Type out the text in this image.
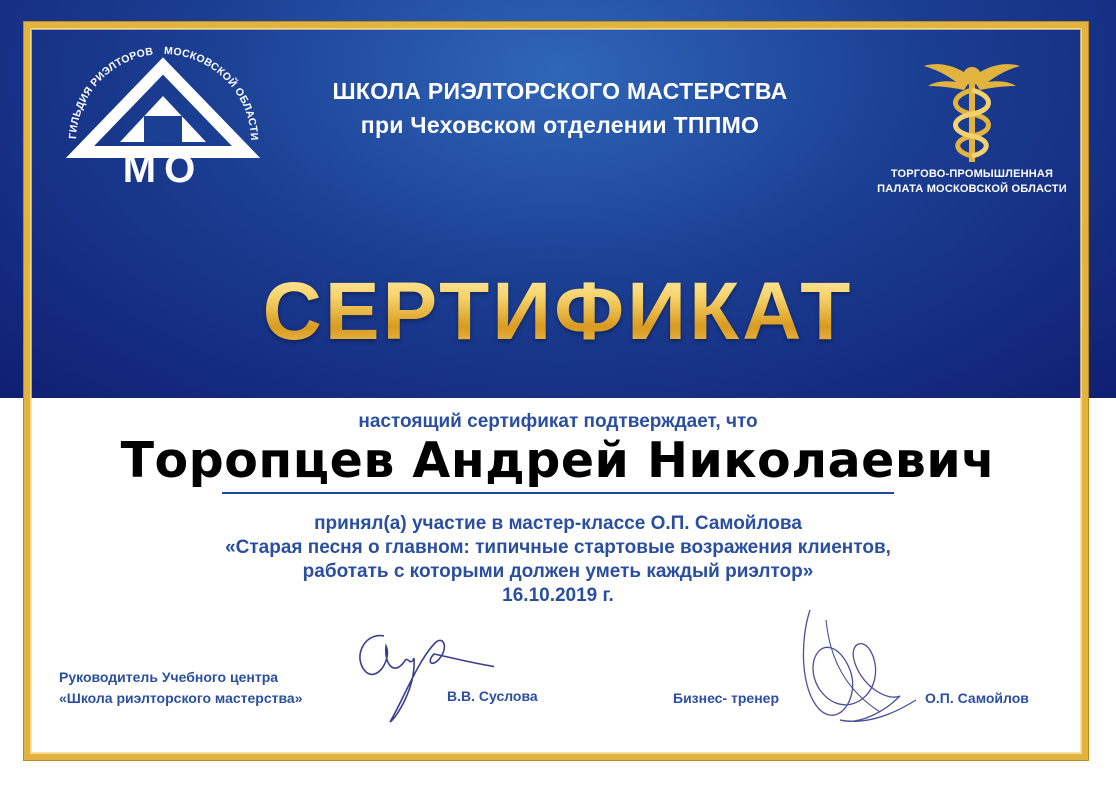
ГИЛЬДИЯ РИЭЛТОРОВ МОСКОВСКОЙ ОБЛАСТИ
МО
ШКОЛА РИЭЛТОРСКОГО МАСТЕРСТВА
при Чеховском отделении ТППМО
ТОРГОВО-ПРОМЫШЛЕННАЯ
ПАЛАТА МОСКОВСКОЙ ОБЛАСТИ
СЕРТИФИКАТ
настоящий сертификат подтверждает, что
Торопцев Андрей Николаевич
принял(а) участие в мастер-классе О.П. Самойлова
«Старая песня о главном: типичные стартовые возражения клиентов,
работать с которыми должен уметь каждый риэлтор»
16.10.2019 г.
Руководитель Учебного центра
«Школа риэлторского мастерства»	В.В. Суслова	Бизнес- тренер	О.П. Самойлов
